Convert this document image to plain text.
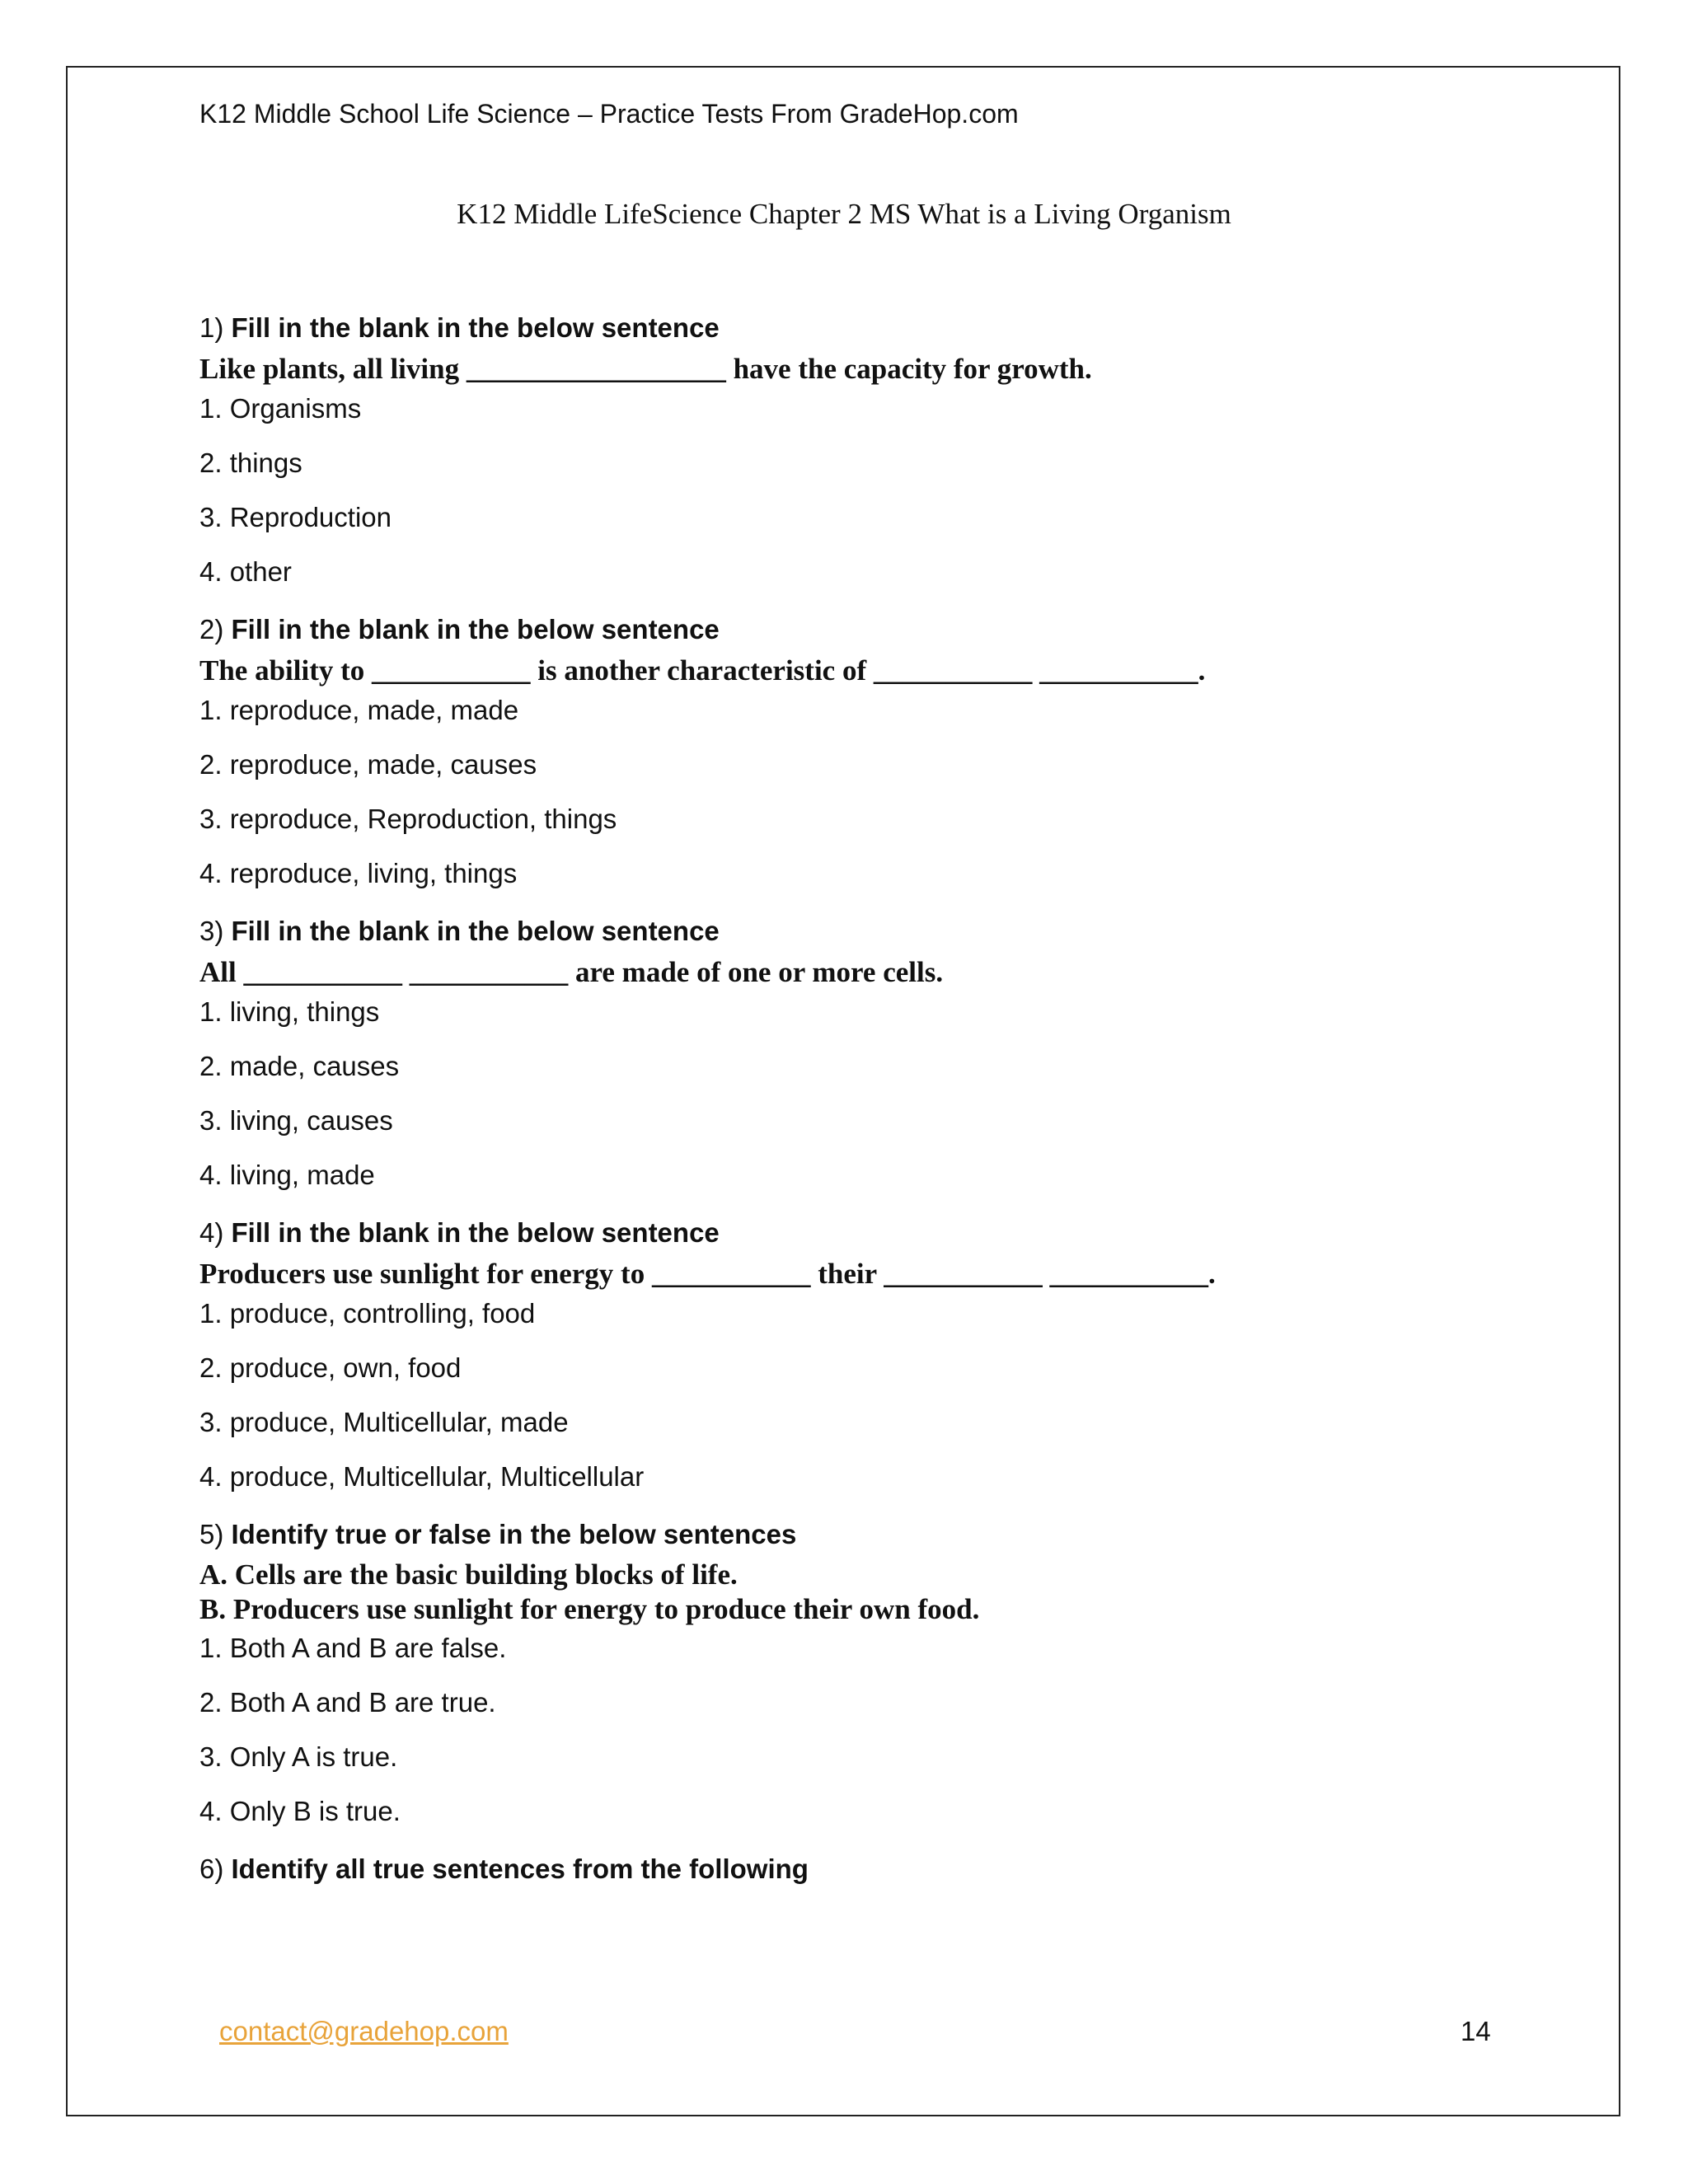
K12 Middle School Life Science – Practice Tests From GradeHop.com
K12 Middle LifeScience Chapter 2 MS What is a Living Organism

1) Fill in the blank in the below sentence

Like plants, all living __________________ have the capacity for growth.

1. Organisms
2. things
3. Reproduction
4. other

2) Fill in the blank in the below sentence

The ability to ___________ is another characteristic of ___________ ___________.

1. reproduce, made, made
2. reproduce, made, causes
3. reproduce, Reproduction, things
4. reproduce, living, things

3) Fill in the blank in the below sentence

All ___________ ___________ are made of one or more cells.

1. living, things
2. made, causes
3. living, causes
4. living, made

4) Fill in the blank in the below sentence

Producers use sunlight for energy to ___________ their ___________ ___________.

1. produce, controlling, food
2. produce, own, food
3. produce, Multicellular, made
4. produce, Multicellular, Multicellular

5) Identify true or false in the below sentences

A. Cells are the basic building blocks of life.

B. Producers use sunlight for energy to produce their own food.

1. Both A and B are false.
2. Both A and B are true.
3. Only A is true.
4. Only B is true.

6) Identify all true sentences from the following

contact@gradehop.com	14
